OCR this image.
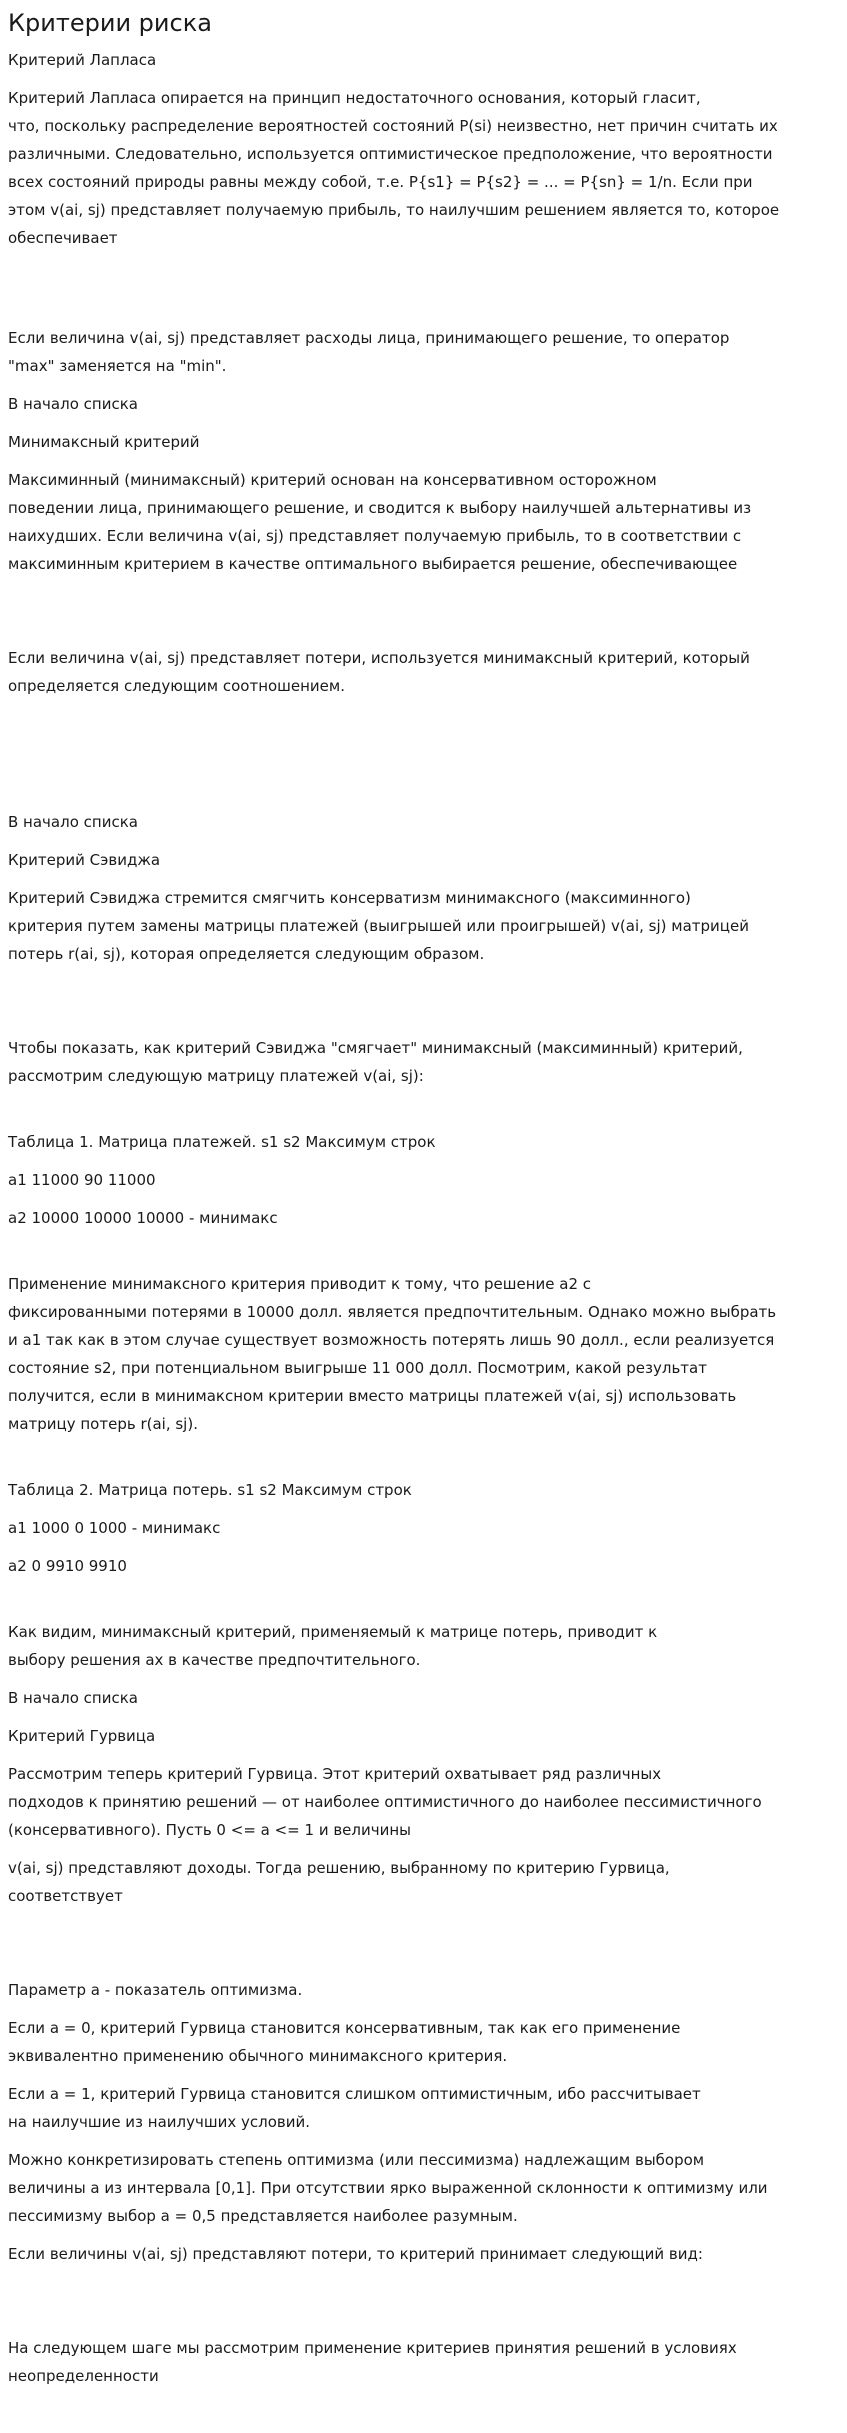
Критерии риска
Критерий Лапласа
Критерий Лапласа опирается на принцип недостаточного основания, который гласит,
что, поскольку распределение вероятностей состояний P(si) неизвестно, нет причин считать их
различными. Следовательно, используется оптимистическое предположение, что вероятности
всех состояний природы равны между собой, т.е. P{s1} = P{s2} = ... = P{sn} = 1/n. Если при
этом v(ai, sj) представляет получаемую прибыль, то наилучшим решением является то, которое
обеспечивает
Если величина v(ai, sj) представляет расходы лица, принимающего решение, то оператор
"max" заменяется на "min".
В начало списка
Минимаксный критерий
Максиминный (минимаксный) критерий основан на консервативном осторожном
поведении лица, принимающего решение, и сводится к выбору наилучшей альтернативы из
наихудших. Если величина v(ai, sj) представляет получаемую прибыль, то в соответствии с
максиминным критерием в качестве оптимального выбирается решение, обеспечивающее
Если величина v(ai, sj) представляет потери, используется минимаксный критерий, который
определяется следующим соотношением.
В начало списка
Критерий Сэвиджа
Критерий Сэвиджа стремится смягчить консерватизм минимаксного (максиминного)
критерия путем замены матрицы платежей (выигрышей или проигрышей) v(ai, sj) матрицей
потерь r(ai, sj), которая определяется следующим образом.
Чтобы показать, как критерий Сэвиджа "смягчает" минимаксный (максиминный) критерий,
рассмотрим следующую матрицу платежей v(ai, sj):
Таблица 1. Матрица платежей. s1 s2 Максимум строк
a1 11000 90 11000
a2 10000 10000 10000 - минимакс
Применение минимаксного критерия приводит к тому, что решение a2 с
фиксированными потерями в 10000 долл. является предпочтительным. Однако можно выбрать
и a1 так как в этом случае существует возможность потерять лишь 90 долл., если реализуется
состояние s2, при потенциальном выигрыше 11 000 долл. Посмотрим, какой результат
получится, если в минимаксном критерии вместо матрицы платежей v(ai, sj) использовать
матрицу потерь r(ai, sj).
Таблица 2. Матрица потерь. s1 s2 Максимум строк
a1 1000 0 1000 - минимакс
a2 0 9910 9910
Как видим, минимаксный критерий, применяемый к матрице потерь, приводит к
выбору решения ax в качестве предпочтительного.
В начало списка
Критерий Гурвица
Рассмотрим теперь критерий Гурвица. Этот критерий охватывает ряд различных
подходов к принятию решений — от наиболее оптимистичного до наиболее пессимистичного
(консервативного). Пусть 0 <= a <= 1 и величины
v(ai, sj) представляют доходы. Тогда решению, выбранному по критерию Гурвица,
соответствует
Параметр a - показатель оптимизма.
Если a = 0, критерий Гурвица становится консервативным, так как его применение
эквивалентно применению обычного минимаксного критерия.
Если a = 1, критерий Гурвица становится слишком оптимистичным, ибо рассчитывает
на наилучшие из наилучших условий.
Можно конкретизировать степень оптимизма (или пессимизма) надлежащим выбором
величины a из интервала [0,1]. При отсутствии ярко выраженной склонности к оптимизму или
пессимизму выбор a = 0,5 представляется наиболее разумным.
Если величины v(ai, sj) представляют потери, то критерий принимает следующий вид:
На следующем шаге мы рассмотрим применение критериев принятия решений в условиях
неопределенности
